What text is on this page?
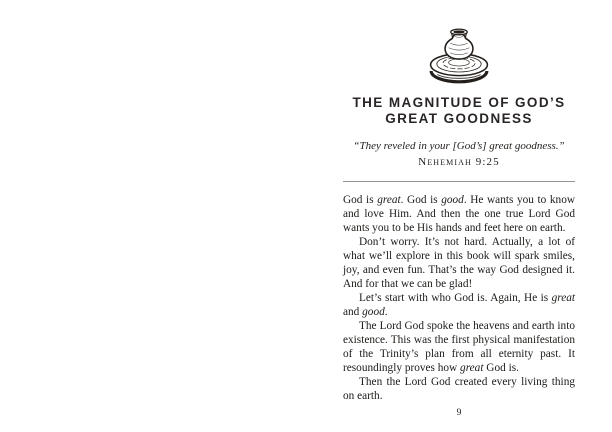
THE MAGNITUDE OF GOD’S
GREAT GOODNESS
“They reveled in your [God’s] great goodness.”
Nehemiah 9:25

God is great. God is good. He wants you to know and love Him. And then the one true Lord God wants you to be His hands and feet here on earth.

Don’t worry. It’s not hard. Actually, a lot of what we’ll explore in this book will spark smiles, joy, and even fun. That’s the way God designed it. And for that we can be glad!

Let’s start with who God is. Again, He is great and good.

The Lord God spoke the heavens and earth into existence. This was the first physical manifestation of the Trinity’s plan from all eternity past. It resoundingly proves how great God is.

Then the Lord God created every living thing on earth.

9
